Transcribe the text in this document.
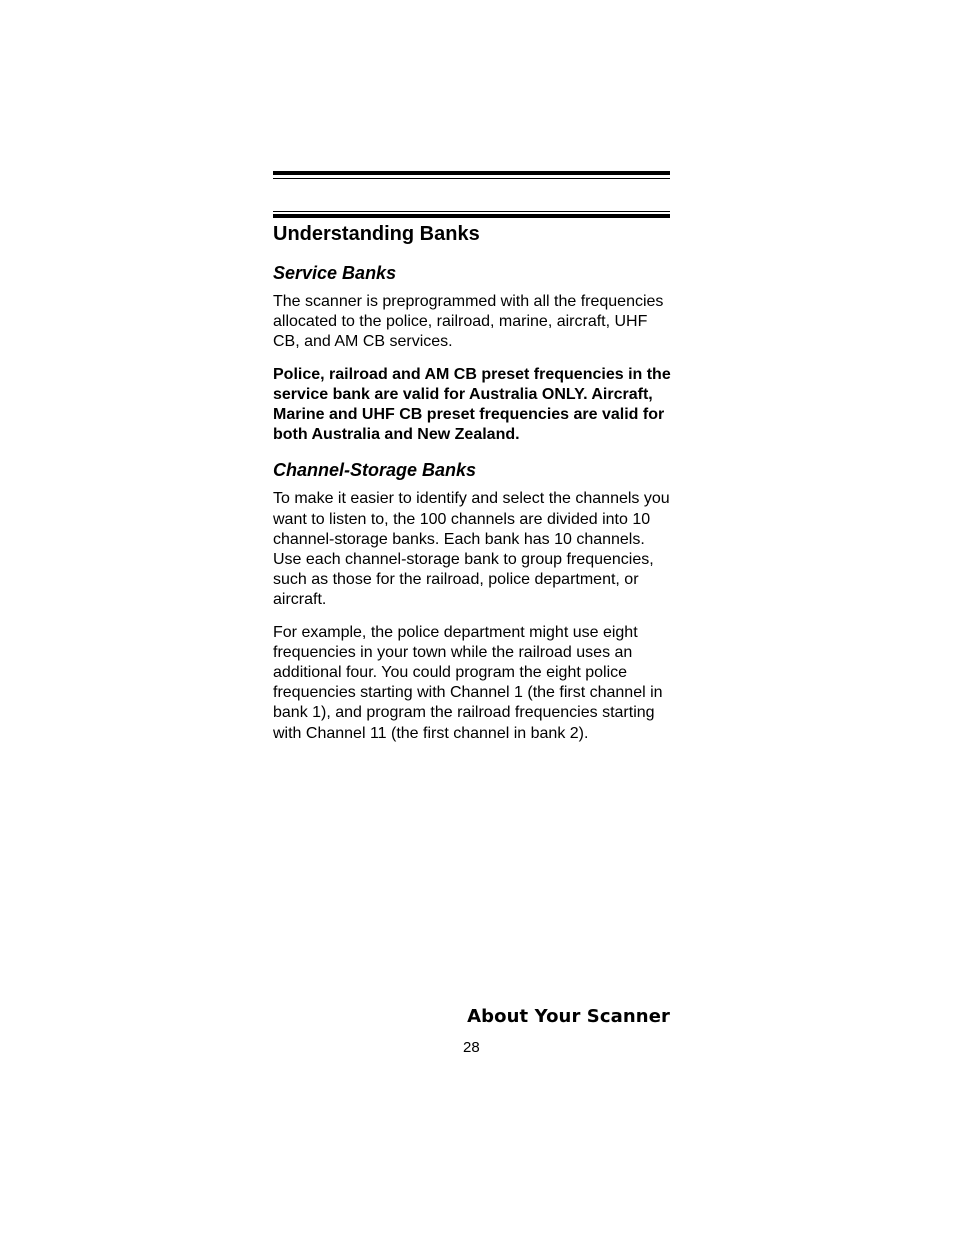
Understanding Banks
Service Banks

The scanner is preprogrammed with all the frequencies allocated to the police, railroad, marine, aircraft, UHF CB, and AM CB services.

Police, railroad and AM CB preset frequencies in the service bank are valid for Australia ONLY. Aircraft, Marine and UHF CB preset frequencies are valid for both Australia and New Zealand.

Channel-Storage Banks

To make it easier to identify and select the channels you want to listen to, the 100 channels are divided into 10 channel-storage banks. Each bank has 10 channels. Use each channel-storage bank to group frequencies, such as those for the railroad, police department, or aircraft.

For example, the police department might use eight frequencies in your town while the railroad uses an additional four. You could program the eight police frequencies starting with Channel 1 (the first channel in bank 1), and program the railroad frequencies starting with Channel 11 (the first channel in bank 2).

About Your Scanner
28
